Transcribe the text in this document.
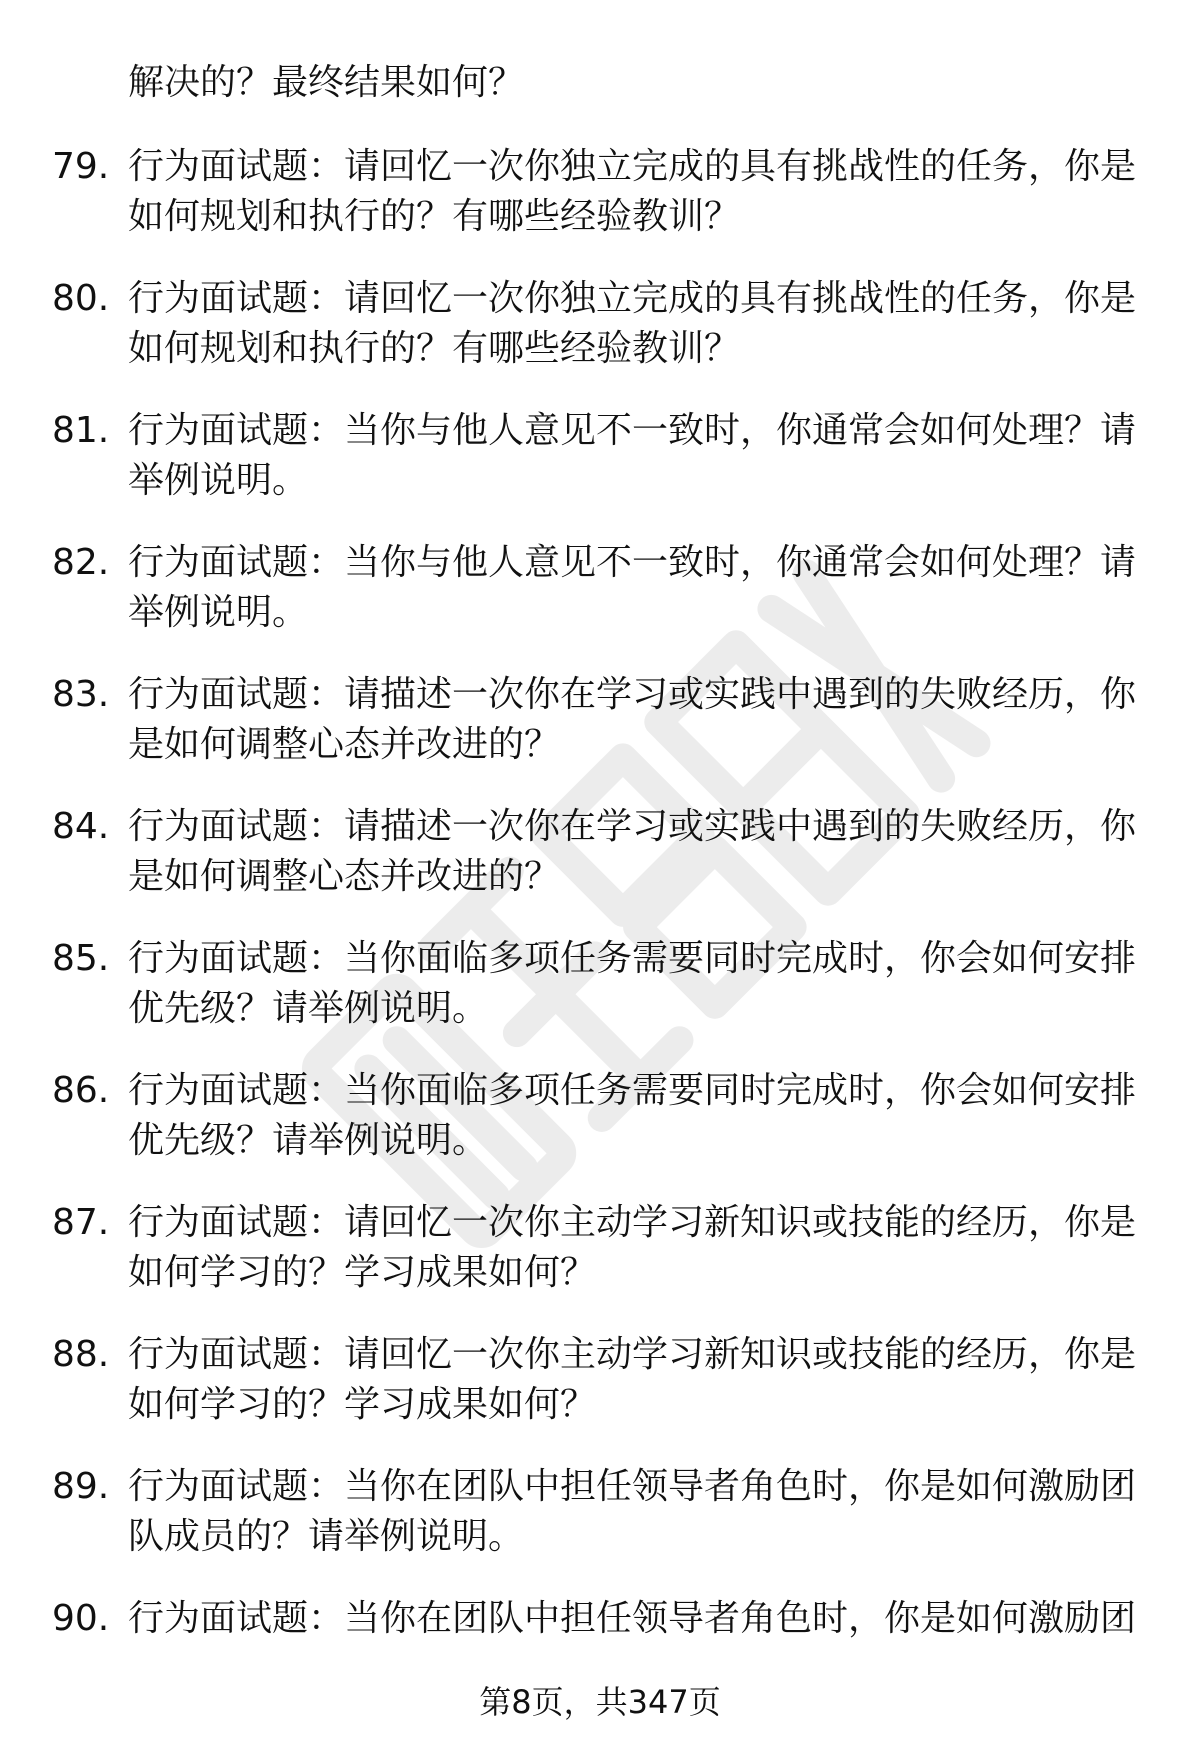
解决的？最终结果如何？
79. 行为面试题：请回忆一次你独立完成的具有挑战性的任务，你是如何规划和执行的？有哪些经验教训？
80. 行为面试题：请回忆一次你独立完成的具有挑战性的任务，你是如何规划和执行的？有哪些经验教训？
81. 行为面试题：当你与他人意见不一致时，你通常会如何处理？请举例说明。
82. 行为面试题：当你与他人意见不一致时，你通常会如何处理？请举例说明。
83. 行为面试题：请描述一次你在学习或实践中遇到的失败经历，你是如何调整心态并改进的？
84. 行为面试题：请描述一次你在学习或实践中遇到的失败经历，你是如何调整心态并改进的？
85. 行为面试题：当你面临多项任务需要同时完成时，你会如何安排优先级？请举例说明。
86. 行为面试题：当你面临多项任务需要同时完成时，你会如何安排优先级？请举例说明。
87. 行为面试题：请回忆一次你主动学习新知识或技能的经历，你是如何学习的？学习成果如何？
88. 行为面试题：请回忆一次你主动学习新知识或技能的经历，你是如何学习的？学习成果如何？
89. 行为面试题：当你在团队中担任领导者角色时，你是如何激励团队成员的？请举例说明。
90. 行为面试题：当你在团队中担任领导者角色时，你是如何激励团
第8页，共347页
